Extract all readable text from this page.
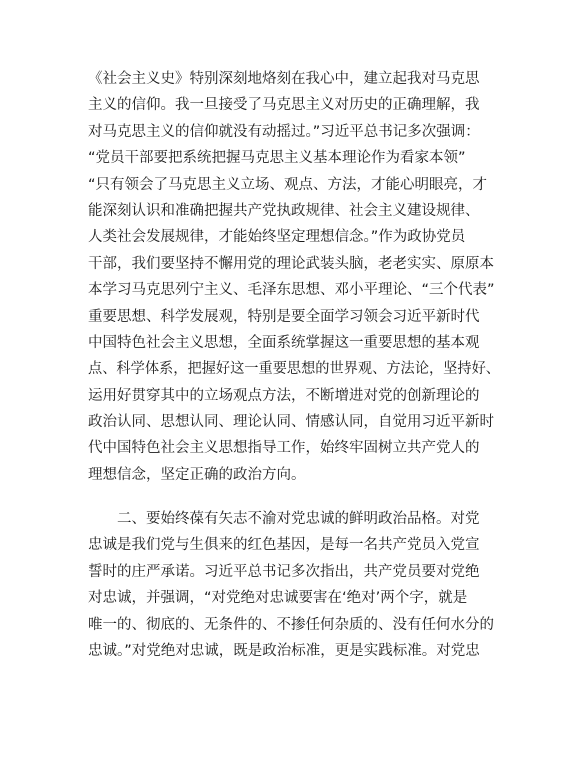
《社会主义史》特别深刻地烙刻在我心中，建立起我对马克思
主义的信仰。我一旦接受了马克思主义对历史的正确理解，我
对马克思主义的信仰就没有动摇过。”习近平总书记多次强调：
“党员干部要把系统把握马克思主义基本理论作为看家本领”
“只有领会了马克思主义立场、观点、方法，才能心明眼亮，才
能深刻认识和准确把握共产党执政规律、社会主义建设规律、
人类社会发展规律，才能始终坚定理想信念。”作为政协党员
干部，我们要坚持不懈用党的理论武装头脑，老老实实、原原本
本学习马克思列宁主义、毛泽东思想、邓小平理论、“三个代表”
重要思想、科学发展观，特别是要全面学习领会习近平新时代
中国特色社会主义思想，全面系统掌握这一重要思想的基本观
点、科学体系，把握好这一重要思想的世界观、方法论，坚持好、
运用好贯穿其中的立场观点方法，不断增进对党的创新理论的
政治认同、思想认同、理论认同、情感认同，自觉用习近平新时
代中国特色社会主义思想指导工作，始终牢固树立共产党人的
理想信念，坚定正确的政治方向。
二、要始终葆有矢志不渝对党忠诚的鲜明政治品格。对党
忠诚是我们党与生俱来的红色基因，是每一名共产党员入党宣
誓时的庄严承诺。习近平总书记多次指出，共产党员要对党绝
对忠诚，并强调，“对党绝对忠诚要害在‘绝对’两个字，就是
唯一的、彻底的、无条件的、不掺任何杂质的、没有任何水分的
忠诚。”对党绝对忠诚，既是政治标准，更是实践标准。对党忠
